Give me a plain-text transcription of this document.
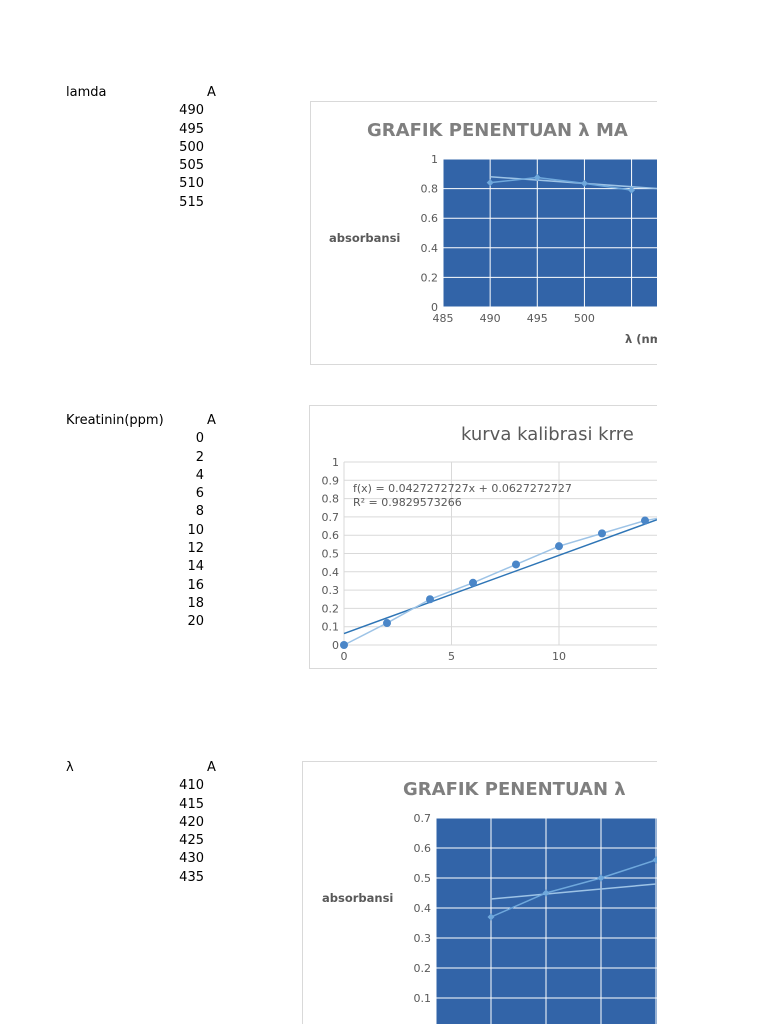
lamda	A
490
495
500
505
510
515
Kreatinin(ppm)	A
0
2
4
6
8
10
12
14
16
18
20
λ	A
410
415
420
425
430
435
0
0.2
0.4
0.6
0.8
1
485 490 495 500
GRAFIK PENENTUAN λ MA
absorbansi
λ (nm
0
0.1
0.2
0.3
0.4
0.5
0.6
0.7
0.8
0.9
1
0	5	10	15
kurva kalibrasi krre
f(x) = 0.0427272727x + 0.0627272727
R² = 0.9829573266
0.1
0.2
0.3
0.4
0.5
0.6
0.7
GRAFIK PENENTUAN λ
absorbansi
